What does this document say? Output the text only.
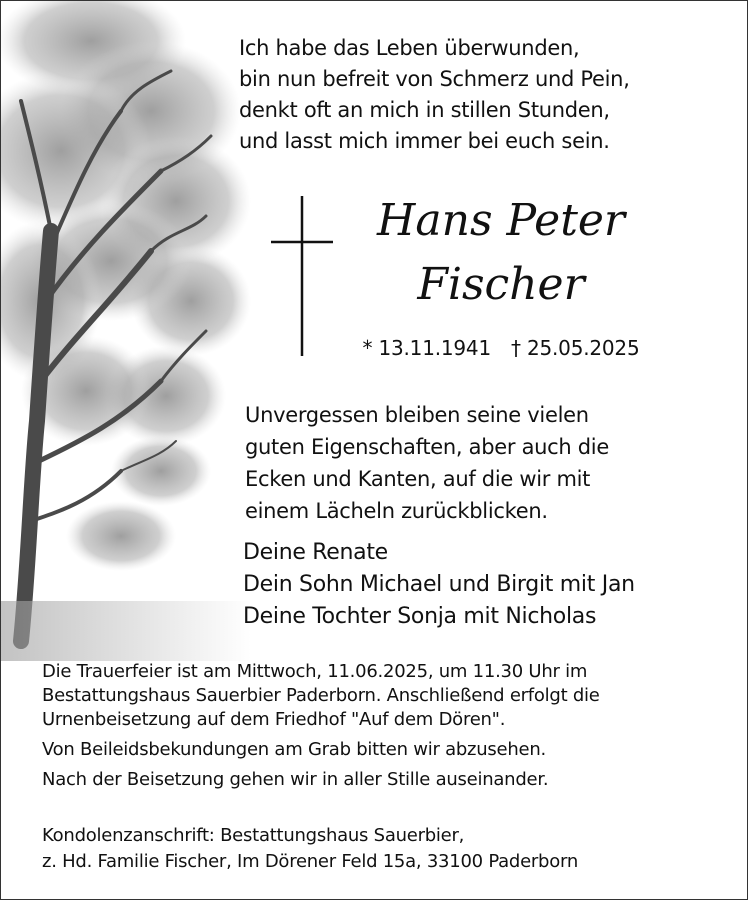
Ich habe das Leben überwunden,
bin nun befreit von Schmerz und Pein,
denkt oft an mich in stillen Stunden,
und lasst mich immer bei euch sein.
Hans Peter
Fischer
* 13.11.1941 † 25.05.2025
Unvergessen bleiben seine vielen
guten Eigenschaften, aber auch die
Ecken und Kanten, auf die wir mit
einem Lächeln zurückblicken.
Deine Renate
Dein Sohn Michael und Birgit mit Jan
Deine Tochter Sonja mit Nicholas
Die Trauerfeier ist am Mittwoch, 11.06.2025, um 11.30 Uhr im
Bestattungshaus Sauerbier Paderborn. Anschließend erfolgt die
Urnenbeisetzung auf dem Friedhof "Auf dem Dören".
Von Beileidsbekundungen am Grab bitten wir abzusehen.
Nach der Beisetzung gehen wir in aller Stille auseinander.
Kondolenzanschrift: Bestattungshaus Sauerbier,
z. Hd. Familie Fischer, Im Dörener Feld 15a, 33100 Paderborn
